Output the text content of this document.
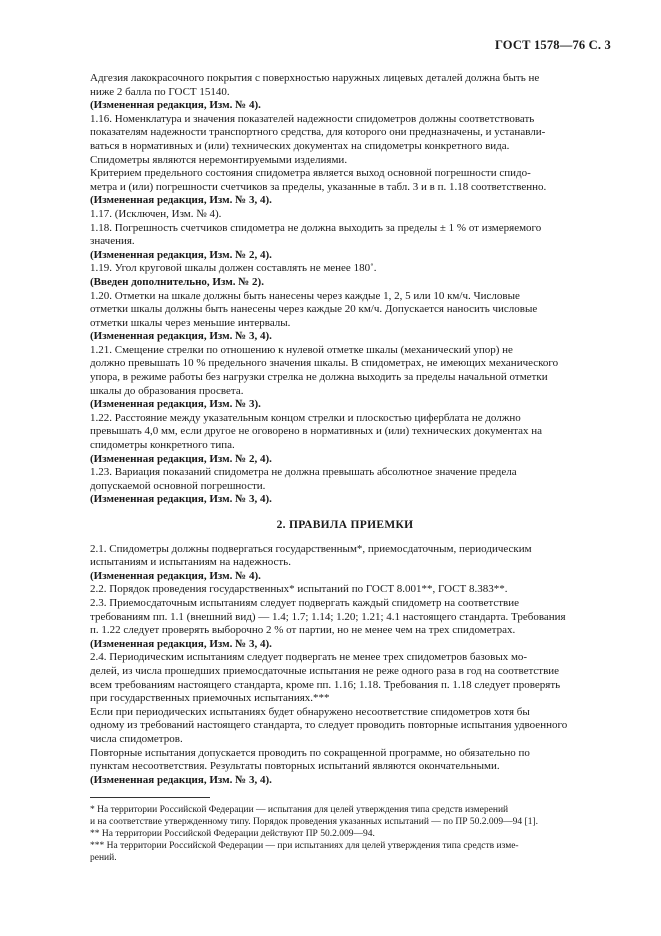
ГОСТ 1578—76 С. 3

Адгезия лакокрасочного покрытия с поверхностью наружных лицевых деталей должна быть не

ниже 2 балла по ГОСТ 15140.

(Измененная редакция, Изм. № 4).

1.16. Номенклатура и значения показателей надежности спидометров должны соответствовать

показателям надежности транспортного средства, для которого они предназначены, и устанавли-

ваться в нормативных и (или) технических документах на спидометры конкретного вида.

Спидометры являются неремонтируемыми изделиями.

Критерием предельного состояния спидометра является выход основной погрешности спидо-

метра и (или) погрешности счетчиков за пределы, указанные в табл. 3 и в п. 1.18 соответственно.

(Измененная редакция, Изм. № 3, 4).

1.17. (Исключен, Изм. № 4).

1.18. Погрешность счетчиков спидометра не должна выходить за пределы ± 1 % от измеряемого

значения.

(Измененная редакция, Изм. № 2, 4).

1.19. Угол круговой шкалы должен составлять не менее 180˚.

(Введен дополнительно, Изм. № 2).

1.20. Отметки на шкале должны быть нанесены через каждые 1, 2, 5 или 10 км/ч. Числовые

отметки шкалы должны быть нанесены через каждые 20 км/ч. Допускается наносить числовые

отметки шкалы через меньшие интервалы.

(Измененная редакция, Изм. № 3, 4).

1.21. Смещение стрелки по отношению к нулевой отметке шкалы (механический упор) не

должно превышать 10 % предельного значения шкалы. В спидометрах, не имеющих механического

упора, в режиме работы без нагрузки стрелка не должна выходить за пределы начальной отметки

шкалы до образования просвета.

(Измененная редакция, Изм. № 3).

1.22. Расстояние между указательным концом стрелки и плоскостью циферблата не должно

превышать 4,0 мм, если другое не оговорено в нормативных и (или) технических документах на

спидометры конкретного типа.

(Измененная редакция, Изм. № 2, 4).

1.23. Вариация показаний спидометра не должна превышать абсолютное значение предела

допускаемой основной погрешности.

(Измененная редакция, Изм. № 3, 4).

2. ПРАВИЛА ПРИЕМКИ

2.1. Спидометры должны подвергаться государственным*, приемосдаточным, периодическим

испытаниям и испытаниям на надежность.

(Измененная редакция, Изм. № 4).

2.2. Порядок проведения государственных* испытаний по ГОСТ 8.001**, ГОСТ 8.383**.

2.3. Приемосдаточным испытаниям следует подвергать каждый спидометр на соответствие

требованиям пп. 1.1 (внешний вид) — 1.4; 1.7; 1.14; 1.20; 1.21; 4.1 настоящего стандарта. Требования

п. 1.22 следует проверять выборочно 2 % от партии, но не менее чем на трех спидометрах.

(Измененная редакция, Изм. № 3, 4).

2.4. Периодическим испытаниям следует подвергать не менее трех спидометров базовых мо-

делей, из числа прошедших приемосдаточные испытания не реже одного раза в год на соответствие

всем требованиям настоящего стандарта, кроме пп. 1.16; 1.18. Требования п. 1.18 следует проверять

при государственных приемочных испытаниях.***

Если при периодических испытаниях будет обнаружено несоответствие спидометров хотя бы

одному из требований настоящего стандарта, то следует проводить повторные испытания удвоенного

числа спидометров.

Повторные испытания допускается проводить по сокращенной программе, но обязательно по

пунктам несоответствия. Результаты повторных испытаний являются окончательными.

(Измененная редакция, Изм. № 3, 4).

* На территории Российской Федерации — испытания для целей утверждения типа средств измерений

и на соответствие утвержденному типу. Порядок проведения указанных испытаний — по ПР 50.2.009—94 [1].

** На территории Российской Федерации действуют ПР 50.2.009—94.

*** На территории Российской Федерации — при испытаниях для целей утверждения типа средств изме-

рений.
